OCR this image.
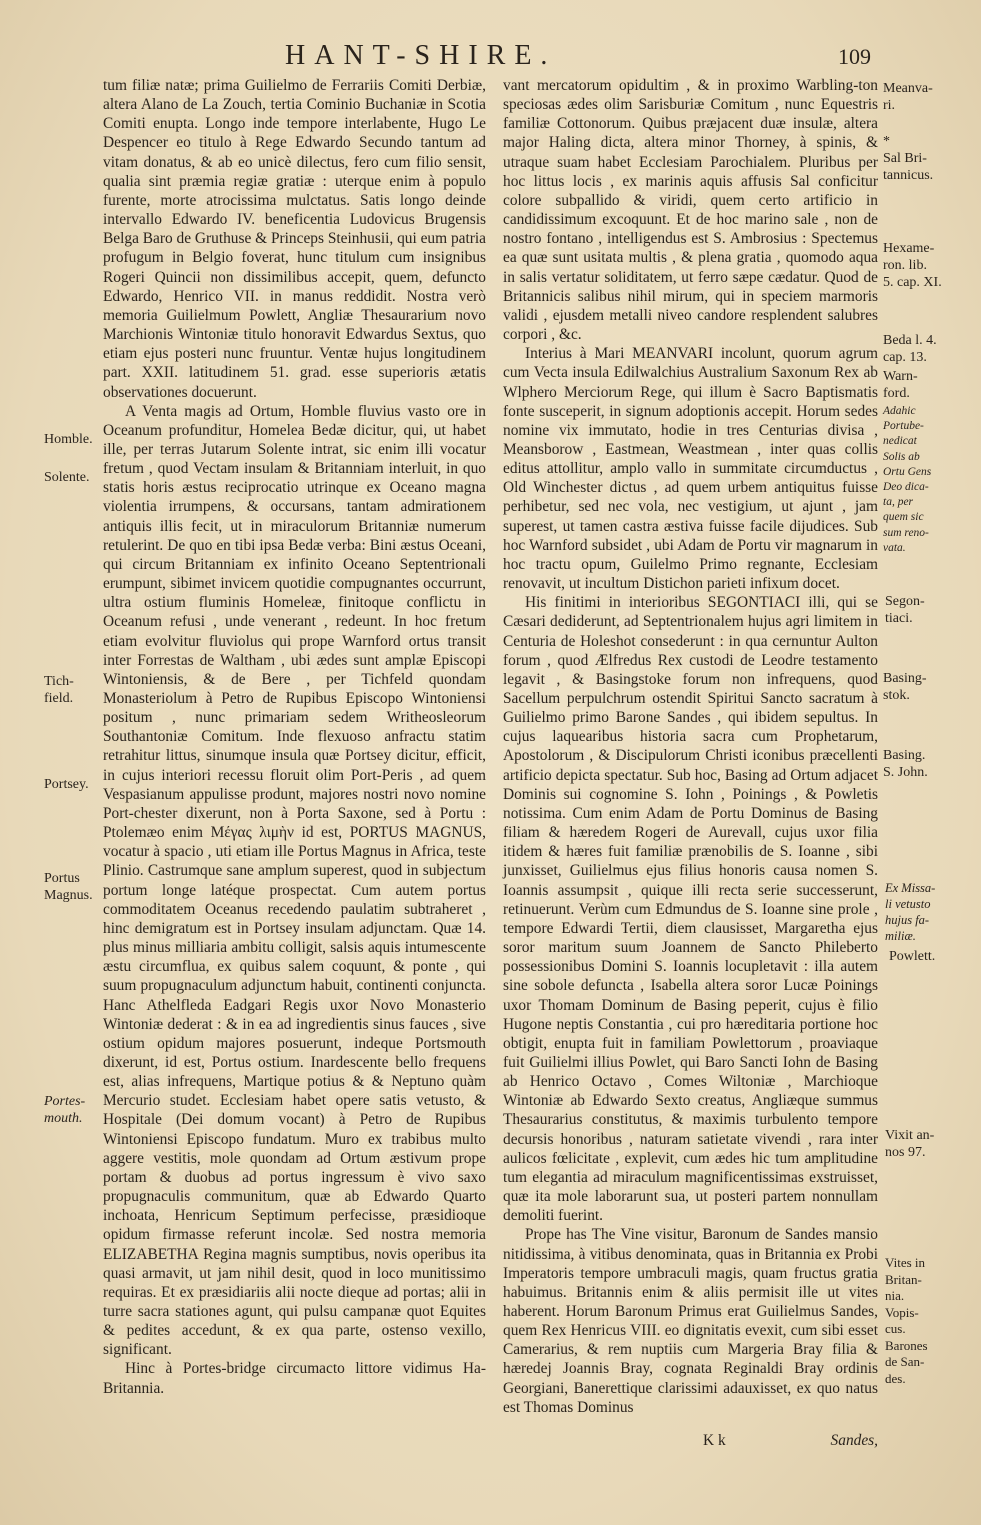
HANT-SHIRE.	109

tum filiæ natæ; prima Guilielmo de Ferrariis Comiti Derbiæ, altera Alano de La Zouch, tertia Cominio Buchaniæ in Scotia Comiti enupta. Longo inde tempore interlabente, Hugo Le Despencer eo titulo à Rege Edwardo Secundo tantum ad vitam donatus, & ab eo unicè dilectus, fero cum filio sensit, qualia sint præmia regiæ gratiæ : uterque enim à populo furente, morte atrocissima mulctatus. Satis longo deinde intervallo Edwardo IV. beneficentia Ludovicus Brugensis Belga Baro de Gruthuse & Princeps Steinhusii, qui eum patria profugum in Belgio foverat, hunc titulum cum insignibus Rogeri Quincii non dissimilibus accepit, quem, defuncto Edwardo, Henrico VII. in manus reddidit. Nostra verò memoria Guilielmum Powlett, Angliæ Thesaurarium novo Marchionis Wintoniæ titulo honoravit Edwardus Sextus, quo etiam ejus posteri nunc fruuntur. Ventæ hujus longitudinem part. XXII. latitudinem 51. grad. esse superioris ætatis observationes docuerunt.

A Venta magis ad Ortum, Homble fluvius vasto ore in Oceanum profunditur, Homelea Bedæ dicitur, qui, ut habet ille, per terras Jutarum Solente intrat, sic enim illi vocatur fretum , quod Vectam insulam & Britanniam interluit, in quo statis horis æstus reciprocatio utrinque ex Oceano magna violentia irrumpens, & occursans, tantam admirationem antiquis illis fecit, ut in miraculorum Britanniæ numerum retulerint. De quo en tibi ipsa Bedæ verba: Bini æstus Oceani, qui circum Britanniam ex infinito Oceano Septentrionali erumpunt, sibimet invicem quotidie compugnantes occurrunt, ultra ostium fluminis Homeleæ, finitoque conflictu in Oceanum refusi , unde venerant , redeunt. In hoc fretum etiam evolvitur fluviolus qui prope Warnford ortus transit inter Forrestas de Waltham , ubi ædes sunt amplæ Episcopi Wintoniensis, & de Bere , per Tichfeld quondam Monasteriolum à Petro de Rupibus Episcopo Wintoniensi positum , nunc primariam sedem Writheosleorum Southantoniæ Comitum. Inde flexuoso anfractu statim retrahitur littus, sinumque insula quæ Portsey dicitur, efficit, in cujus interiori recessu floruit olim Port-Peris , ad quem Vespasianum appulisse produnt, majores nostri novo nomine Port-chester dixerunt, non à Porta Saxone, sed à Portu : Ptolemæo enim Μέγας λιμὴν id est, PORTUS MAGNUS, vocatur à spacio , uti etiam ille Portus Magnus in Africa, teste Plinio. Castrumque sane amplum superest, quod in subjectum portum longe latéque prospectat. Cum autem portus commoditatem Oceanus recedendo paulatim subtraheret , hinc demigratum est in Portsey insulam adjunctam. Quæ 14. plus minus milliaria ambitu colligit, salsis aquis intumescente æstu circumflua, ex quibus salem coquunt, & ponte , qui suum propugnaculum adjunctum habuit, continenti conjuncta. Hanc Athelfleda Eadgari Regis uxor Novo Monasterio Wintoniæ dederat : & in ea ad ingredientis sinus fauces , sive ostium opidum majores posuerunt, indeque Portsmouth dixerunt, id est, Portus ostium. Inardescente bello frequens est, alias infrequens, Martique potius & & Neptuno quàm Mercurio studet. Ecclesiam habet opere satis vetusto, & Hospitale (Dei domum vocant) à Petro de Rupibus Wintoniensi Episcopo fundatum. Muro ex trabibus multo aggere vestitis, mole quondam ad Ortum æstivum prope portam & duobus ad portus ingressum è vivo saxo propugnaculis communitum, quæ ab Edwardo Quarto inchoata, Henricum Septimum perfecisse, præsidioque opidum firmasse referunt incolæ. Sed nostra memoria ELIZABETHA Regina magnis sumptibus, novis operibus ita quasi armavit, ut jam nihil desit, quod in loco munitissimo requiras. Et ex præsidiariis alii nocte dieque ad portas; alii in turre sacra stationes agunt, qui pulsu campanæ quot Equites & pedites accedunt, & ex qua parte, ostenso vexillo, significant.

Hinc à Portes-bridge circumacto littore vidimus Ha- Britannia.

vant mercatorum opidultim , & in proximo Warbling-ton speciosas ædes olim Sarisburiæ Comitum , nunc Equestris familiæ Cottonorum. Quibus præjacent duæ insulæ, altera major Haling dicta, altera minor Thorney, à spinis, & utraque suam habet Ecclesiam Parochialem. Pluribus per hoc littus locis , ex marinis aquis affusis Sal conficitur colore subpallido & viridi, quem certo artificio in candidissimum excoquunt. Et de hoc marino sale , non de nostro fontano , intelligendus est S. Ambrosius : Spectemus ea quæ sunt usitata multis , & plena gratia , quomodo aqua in salis vertatur soliditatem, ut ferro sæpe cædatur. Quod de Britannicis salibus nihil mirum, qui in speciem marmoris validi , ejusdem metalli niveo candore resplendent salubres corpori , &c.

Interius à Mari MEANVARI incolunt, quorum agrum cum Vecta insula Edilwalchius Australium Saxonum Rex ab Wlphero Merciorum Rege, qui illum è Sacro Baptismatis fonte susceperit, in signum adoptionis accepit. Horum sedes nomine vix immutato, hodie in tres Centurias divisa , Meansborow , Eastmean, Weastmean , inter quas collis editus attollitur, amplo vallo in summitate circumductus , Old Winchester dictus , ad quem urbem antiquitus fuisse perhibetur, sed nec vola, nec vestigium, ut ajunt , jam superest, ut tamen castra æstiva fuisse facile dijudices. Sub hoc Warnford subsidet , ubi Adam de Portu vir magnarum in hoc tractu opum, Guilelmo Primo regnante, Ecclesiam renovavit, ut incultum Distichon parieti infixum docet.

His finitimi in interioribus SEGONTIACI illi, qui se Cæsari dediderunt, ad Septentrionalem hujus agri limitem in Centuria de Holeshot consederunt : in qua cernuntur Aulton forum , quod Ælfredus Rex custodi de Leodre testamento legavit , & Basingstoke forum non infrequens, quod Sacellum perpulchrum ostendit Spiritui Sancto sacratum à Guilielmo primo Barone Sandes , qui ibidem sepultus. In cujus laquearibus historia sacra cum Prophetarum, Apostolorum , & Discipulorum Christi iconibus præcellenti artificio depicta spectatur. Sub hoc, Basing ad Ortum adjacet Dominis sui cognomine S. Iohn , Poinings , & Powletis notissima. Cum enim Adam de Portu Dominus de Basing filiam & hæredem Rogeri de Aurevall, cujus uxor filia itidem & hæres fuit familiæ prænobilis de S. Ioanne , sibi junxisset, Guilielmus ejus filius honoris causa nomen S. Ioannis assumpsit , quique illi recta serie successerunt, retinuerunt. Verùm cum Edmundus de S. Ioanne sine prole , tempore Edwardi Tertii, diem clausisset, Margaretha ejus soror maritum suum Joannem de Sancto Phileberto possessionibus Domini S. Ioannis locupletavit : illa autem sine sobole defuncta , Isabella altera soror Lucæ Poinings uxor Thomam Dominum de Basing peperit, cujus è filio Hugone neptis Constantia , cui pro hæreditaria portione hoc obtigit, enupta fuit in familiam Powlettorum , proaviaque fuit Guilielmi illius Powlet, qui Baro Sancti Iohn de Basing ab Henrico Octavo , Comes Wiltoniæ , Marchioque Wintoniæ ab Edwardo Sexto creatus, Angliæque summus Thesaurarius constitutus, & maximis turbulento tempore decursis honoribus , naturam satietate vivendi , rara inter aulicos fœlicitate , explevit, cum ædes hic tum amplitudine tum elegantia ad miraculum magnificentissimas exstruisset, quæ ita mole laborarunt sua, ut posteri partem nonnullam demoliti fuerint.

Prope has The Vine visitur, Baronum de Sandes mansio nitidissima, à vitibus denominata, quas in Britannia ex Probi Imperatoris tempore umbraculi magis, quam fructus gratia habuimus. Britannis enim & aliis permisit ille ut vites haberent. Horum Baronum Primus erat Guilielmus Sandes, quem Rex Henricus VIII. eo dignitatis evexit, cum sibi esset Camerarius, & rem nuptiis cum Margeria Bray filia & hæredej Joannis Bray, cognata Reginaldi Bray ordinis Georgiani, Banerettique clarissimi adauxisset, ex quo natus est Thomas Dominus

Homble.
Solente.
Tich-
field.
Portsey.
Portus
Magnus.
Portes-
mouth.
Meanva-
ri.
*
Sal Bri-
tannicus.
Hexame-
ron. lib.
5. cap. XI.
Beda l. 4.
cap. 13.
Warn-
ford.
Adahic
Portube-
nedicat
Solis ab
Ortu Gens
Deo dica-
ta, per
quem sic
sum reno-
vata.
Segon-
tiaci.
Basing-
stok.
Basing.
S. John.
Ex Missa-
li vetusto
hujus fa-
miliæ.
Powlett.
Vixit an-
nos 97.
Vites in
Britan-
nia.
Vopis-
cus.
Barones
de San-
des.
K k	Sandes,
